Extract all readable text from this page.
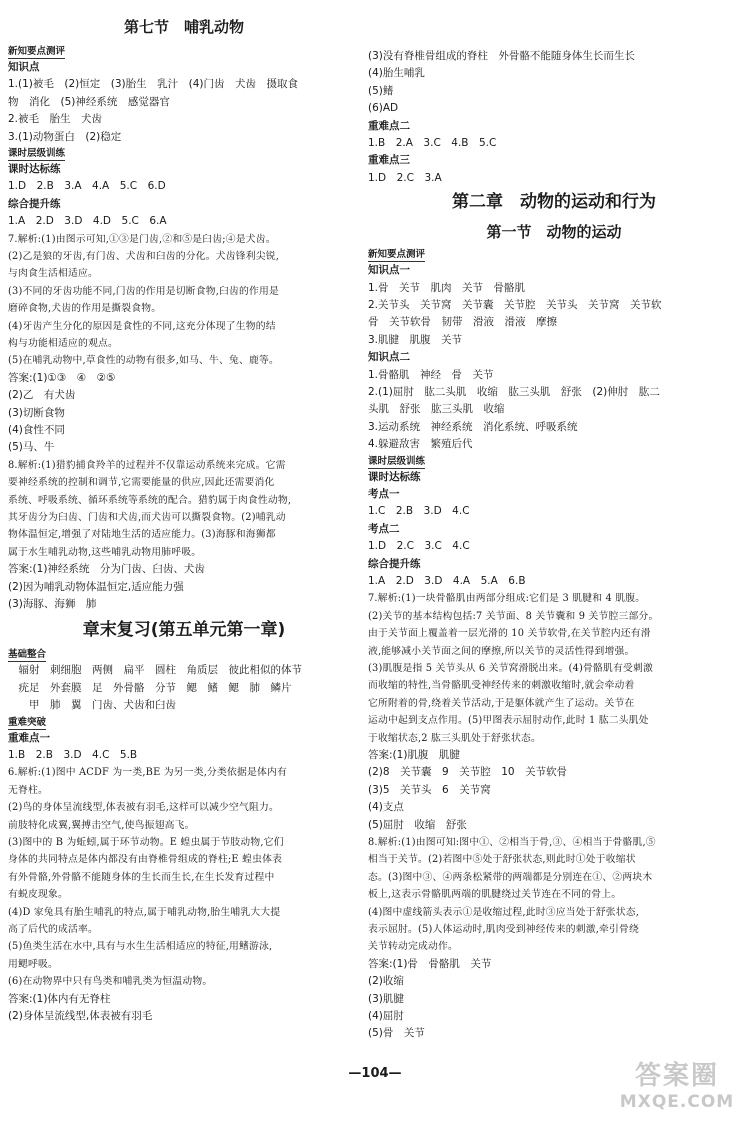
第七节　哺乳动物
新知要点测评
知识点
1.(1)被毛　(2)恒定　(3)胎生　乳汁　(4)门齿　犬齿　摄取食
物　消化　(5)神经系统　感觉器官
2.被毛　胎生　犬齿
3.(1)动物蛋白　(2)稳定
课时层级训练
课时达标练
1.D　2.B　3.A　4.A　5.C　6.D
综合提升练
1.A　2.D　3.D　4.D　5.C　6.A
7.解析:(1)由图示可知,①③是门齿,②和⑤是臼齿;④是犬齿。
(2)乙是狼的牙齿,有门齿、犬齿和臼齿的分化。犬齿锋利尖锐,
与肉食生活相适应。
(3)不同的牙齿功能不同,门齿的作用是切断食物,臼齿的作用是
磨碎食物,犬齿的作用是撕裂食物。
(4)牙齿产生分化的原因是食性的不同,这充分体现了生物的结
构与功能相适应的观点。
(5)在哺乳动物中,草食性的动物有很多,如马、牛、兔、鹿等。
答案:(1)①③　④　②⑤
(2)乙　有犬齿
(3)切断食物
(4)食性不同
(5)马、牛
8.解析:(1)猎豹捕食羚羊的过程并不仅靠运动系统来完成。它需
要神经系统的控制和调节,它需要能量的供应,因此还需要消化
系统、呼吸系统、循环系统等系统的配合。猎豹属于肉食性动物,
其牙齿分为臼齿、门齿和犬齿,而犬齿可以撕裂食物。(2)哺乳动
物体温恒定,增强了对陆地生活的适应能力。(3)海豚和海狮都
属于水生哺乳动物,这些哺乳动物用肺呼吸。
答案:(1)神经系统　分为门齿、臼齿、犬齿
(2)因为哺乳动物体温恒定,适应能力强
(3)海豚、海狮　肺
章末复习(第五单元第一章)
基础整合
　辐射　刺细胞　两侧　扁平　圆柱　角质层　彼此相似的体节
　疣足　外套膜　足　外骨骼　分节　鳃　鳍　鳃　肺　鳞片
　　甲　肺　翼　门齿、犬齿和臼齿
重难突破
重难点一
1.B　2.B　3.D　4.C　5.B
6.解析:(1)图中 ACDF 为一类,BE 为另一类,分类依据是体内有
无脊柱。
(2)鸟的身体呈流线型,体表被有羽毛,这样可以减少空气阻力。
前肢特化成翼,翼搏击空气,使鸟振翅高飞。
(3)图中的 B 为蚯蚓,属于环节动物。E 蝗虫属于节肢动物,它们
身体的共同特点是体内都没有由脊椎骨组成的脊柱;E 蝗虫体表
有外骨骼,外骨骼不能随身体的生长而生长,在生长发育过程中
有蜕皮现象。
(4)D 家兔具有胎生哺乳的特点,属于哺乳动物,胎生哺乳大大提
高了后代的成活率。
(5)鱼类生活在水中,具有与水生生活相适应的特征,用鳍游泳,
用鳃呼吸。
(6)在动物界中只有鸟类和哺乳类为恒温动物。
答案:(1)体内有无脊柱
(2)身体呈流线型,体表被有羽毛
(3)没有脊椎骨组成的脊柱　外骨骼不能随身体生长而生长
(4)胎生哺乳
(5)鳍
(6)AD
重难点二
1.B　2.A　3.C　4.B　5.C
重难点三
1.D　2.C　3.A
第二章　动物的运动和行为
第一节　动物的运动
新知要点测评
知识点一
1.骨　关节　肌肉　关节　骨骼肌
2.关节头　关节窝　关节囊　关节腔　关节头　关节窝　关节软
骨　关节软骨　韧带　滑液　滑液　摩擦
3.肌腱　肌腹　关节
知识点二
1.骨骼肌　神经　骨　关节
2.(1)屈肘　肱二头肌　收缩　肱三头肌　舒张　(2)伸肘　肱二
头肌　舒张　肱三头肌　收缩
3.运动系统　神经系统　消化系统、呼吸系统
4.躲避敌害　繁殖后代
课时层级训练
课时达标练
考点一
1.C　2.B　3.D　4.C
考点二
1.D　2.C　3.C　4.C
综合提升练
1.A　2.D　3.D　4.A　5.A　6.B
7.解析:(1)一块骨骼肌由两部分组成:它们是 3 肌腱和 4 肌腹。
(2)关节的基本结构包括:7 关节面、8 关节囊和 9 关节腔三部分。
由于关节面上覆盖着一层光滑的 10 关节软骨,在关节腔内还有滑
液,能够减小关节面之间的摩擦,所以关节的灵活性得到增强。
(3)肌腹是指 5 关节头从 6 关节窝滑脱出来。(4)骨骼肌有受刺激
而收缩的特性,当骨骼肌受神经传来的刺激收缩时,就会牵动着
它所附着的骨,绕着关节活动,于是躯体就产生了运动。关节在
运动中起到支点作用。(5)甲图表示屈肘动作,此时 1 肱二头肌处
于收缩状态,2 肱三头肌处于舒张状态。
答案:(1)肌腹　肌腱
(2)8　关节囊　9　关节腔　10　关节软骨
(3)5　关节头　6　关节窝
(4)支点
(5)屈肘　收缩　舒张
8.解析:(1)由图可知:图中①、②相当于骨,③、④相当于骨骼肌,⑤
相当于关节。(2)若图中⑤处于舒张状态,则此时①处于收缩状
态。(3)图中③、④两条松紧带的两端都是分别连在①、②两块木
板上,这表示骨骼肌两端的肌腱绕过关节连在不同的骨上。
(4)图中虚线箭头表示①是收缩过程,此时③应当处于舒张状态,
表示屈肘。(5)人体运动时,肌肉受到神经传来的刺激,牵引骨绕
关节转动完成动作。
答案:(1)骨　骨骼肌　关节
(2)收缩
(3)肌腱
(4)屈肘
(5)骨　关节
—104—	答案圈
MXQE.COM
